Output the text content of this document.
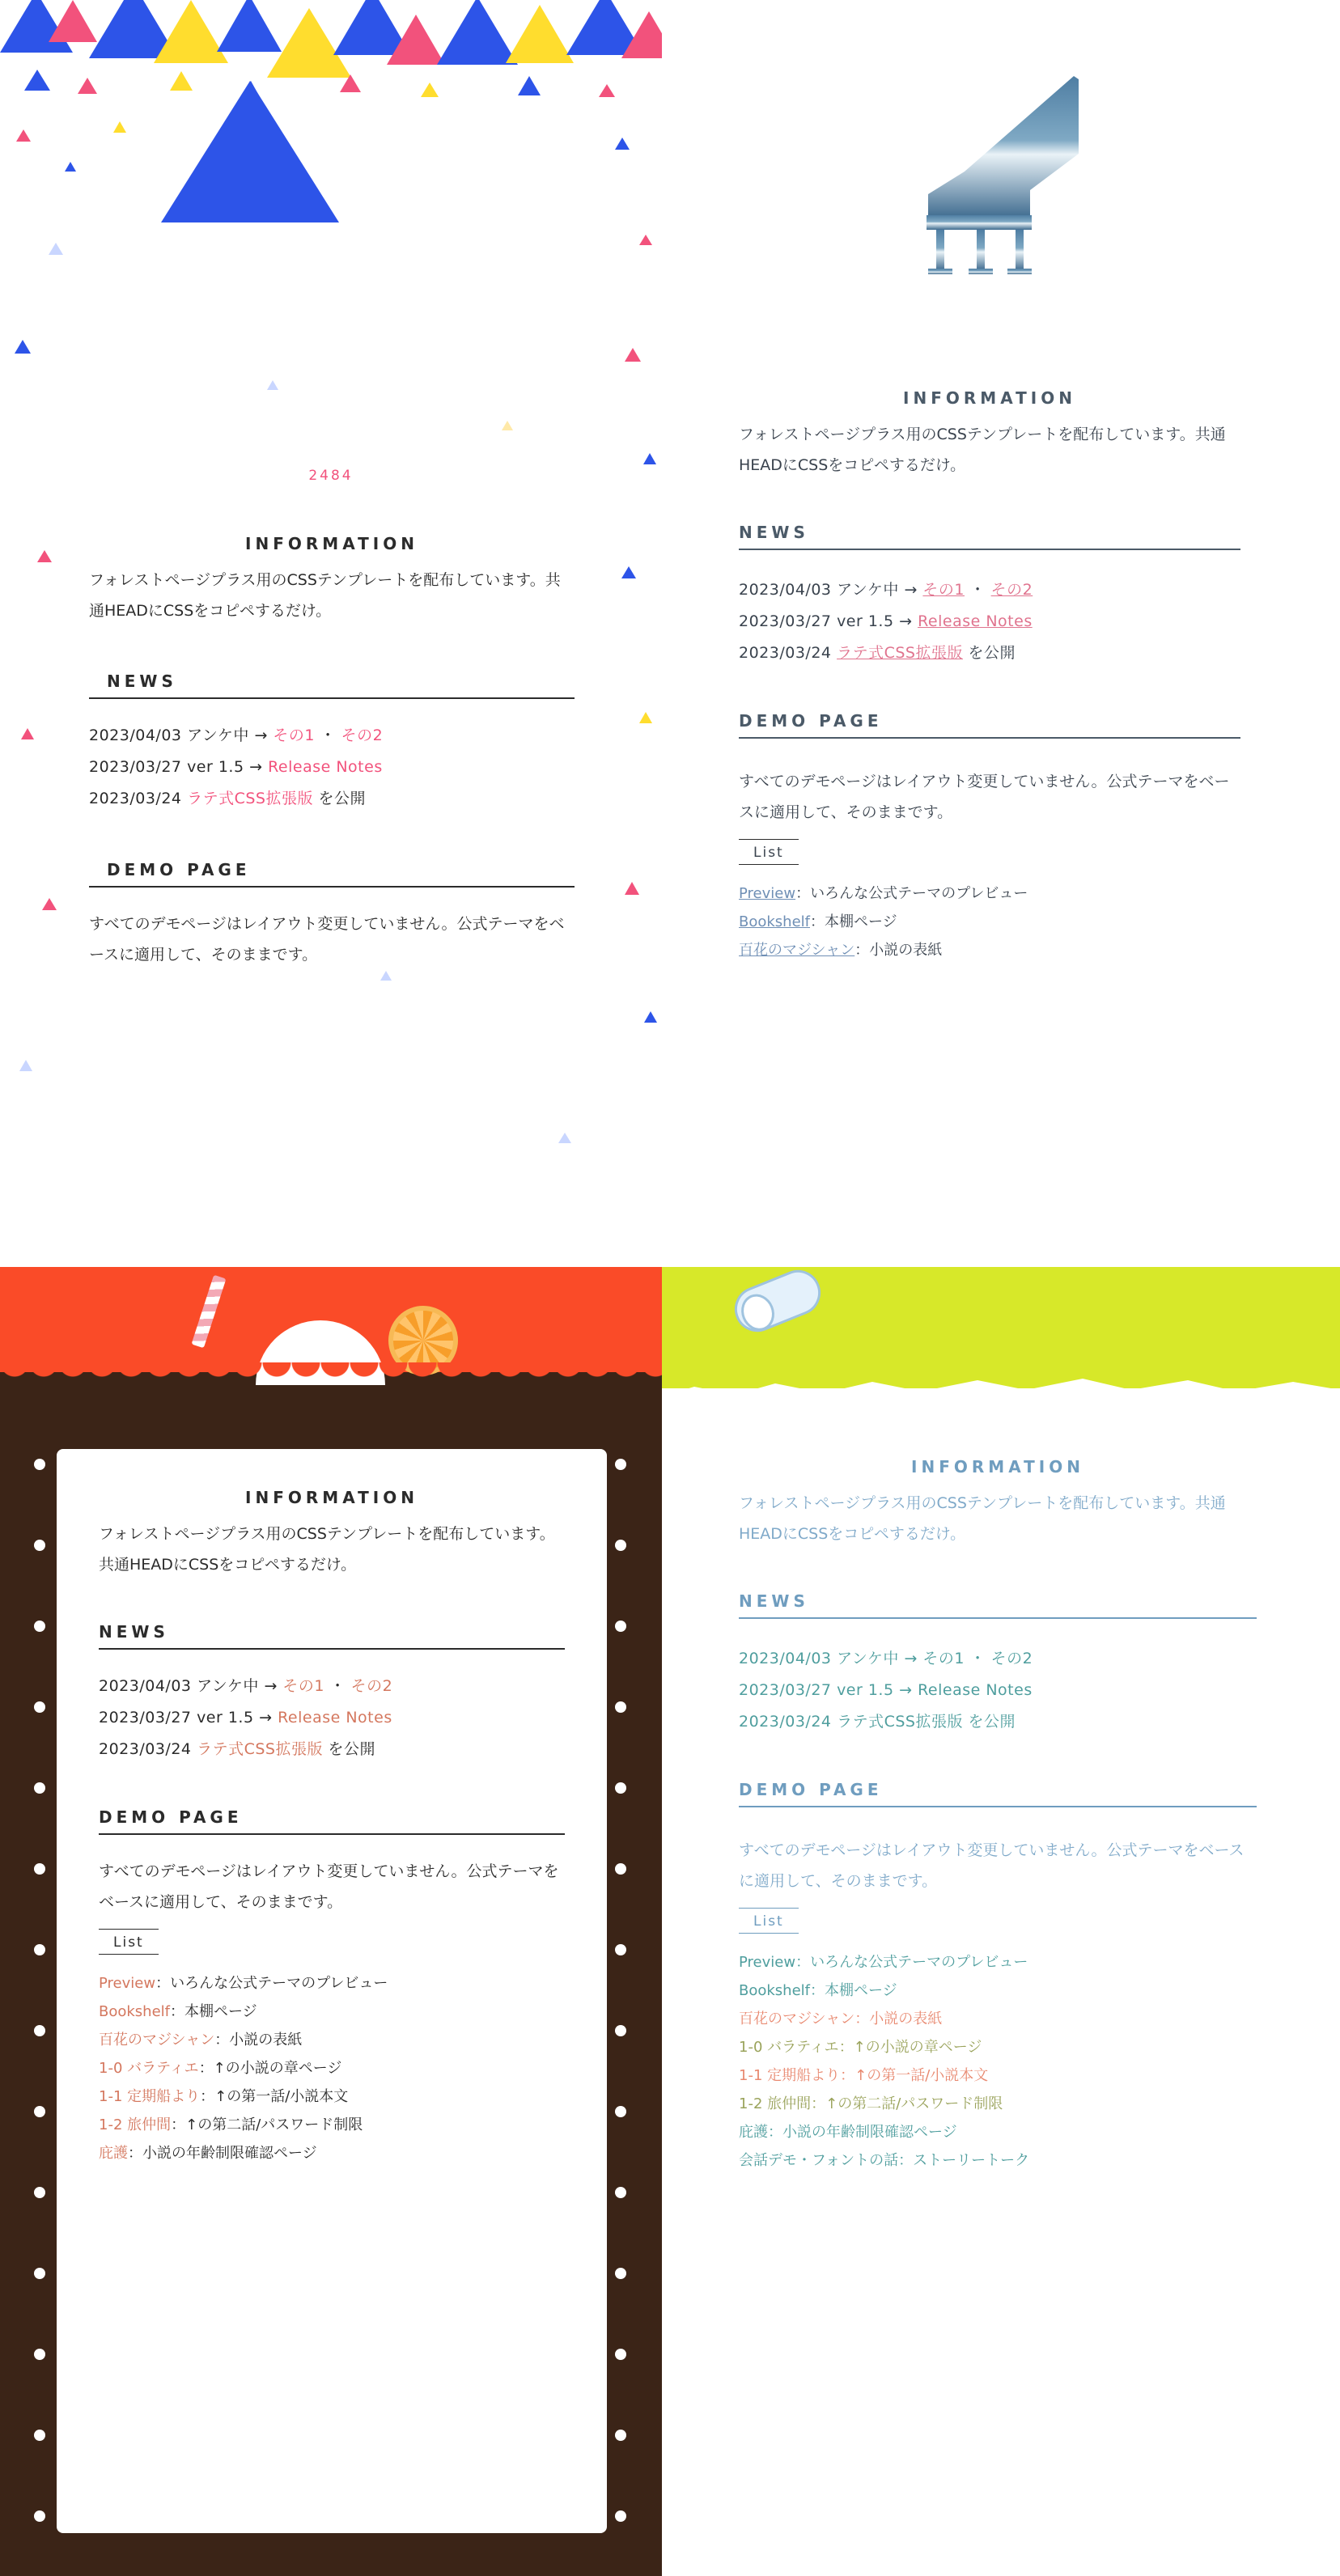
R Y O R Y U K A
2484
INFORMATION

フォレストページプラス用のCSSテンプレートを配布しています。共通HEADにCSSをコピペするだけ。

NEWS
2023/04/03 アンケ中 → その1 ・ その2
2023/03/27 ver 1.5 → Release Notes
2023/03/24 ラテ式CSS拡張版 を公開
DEMO PAGE

すべてのデモページはレイアウト変更していません。公式テーマをベースに適用して、そのままです。

INFORMATION

フォレストページプラス用のCSSテンプレートを配布しています。共通HEADにCSSをコピペするだけ。

NEWS
2023/04/03 アンケ中 → その1 ・ その2
2023/03/27 ver 1.5 → Release Notes
2023/03/24 ラテ式CSS拡張版 を公開
DEMO PAGE

すべてのデモページはレイアウト変更していません。公式テーマをベースに適用して、そのままです。

List
Preview：いろんな公式テーマのプレビュー
Bookshelf：本棚ページ
百花のマジシャン：小説の表紙
INFORMATION

フォレストページプラス用のCSSテンプレートを配布しています。共通HEADにCSSをコピペするだけ。

NEWS
2023/04/03 アンケ中 → その1 ・ その2
2023/03/27 ver 1.5 → Release Notes
2023/03/24 ラテ式CSS拡張版 を公開
DEMO PAGE

すべてのデモページはレイアウト変更していません。公式テーマをベースに適用して、そのままです。

List
Preview：いろんな公式テーマのプレビュー
Bookshelf：本棚ページ
百花のマジシャン：小説の表紙
1-0 バラティエ：↑の小説の章ページ
1-1 定期船より：↑の第一話/小説本文
1-2 旅仲間：↑の第二話/パスワード制限
庇護：小説の年齢制限確認ページ
INFORMATION

フォレストページプラス用のCSSテンプレートを配布しています。共通HEADにCSSをコピペするだけ。

NEWS
2023/04/03 アンケ中 → その1 ・ その2
2023/03/27 ver 1.5 → Release Notes
2023/03/24 ラテ式CSS拡張版 を公開
DEMO PAGE

すべてのデモページはレイアウト変更していません。公式テーマをベースに適用して、そのままです。

List
Preview：いろんな公式テーマのプレビュー
Bookshelf：本棚ページ
百花のマジシャン：小説の表紙
1-0 バラティエ：↑の小説の章ページ
1-1 定期船より：↑の第一話/小説本文
1-2 旅仲間：↑の第二話/パスワード制限
庇護：小説の年齢制限確認ページ
会話デモ・フォントの話：ストーリートーク
